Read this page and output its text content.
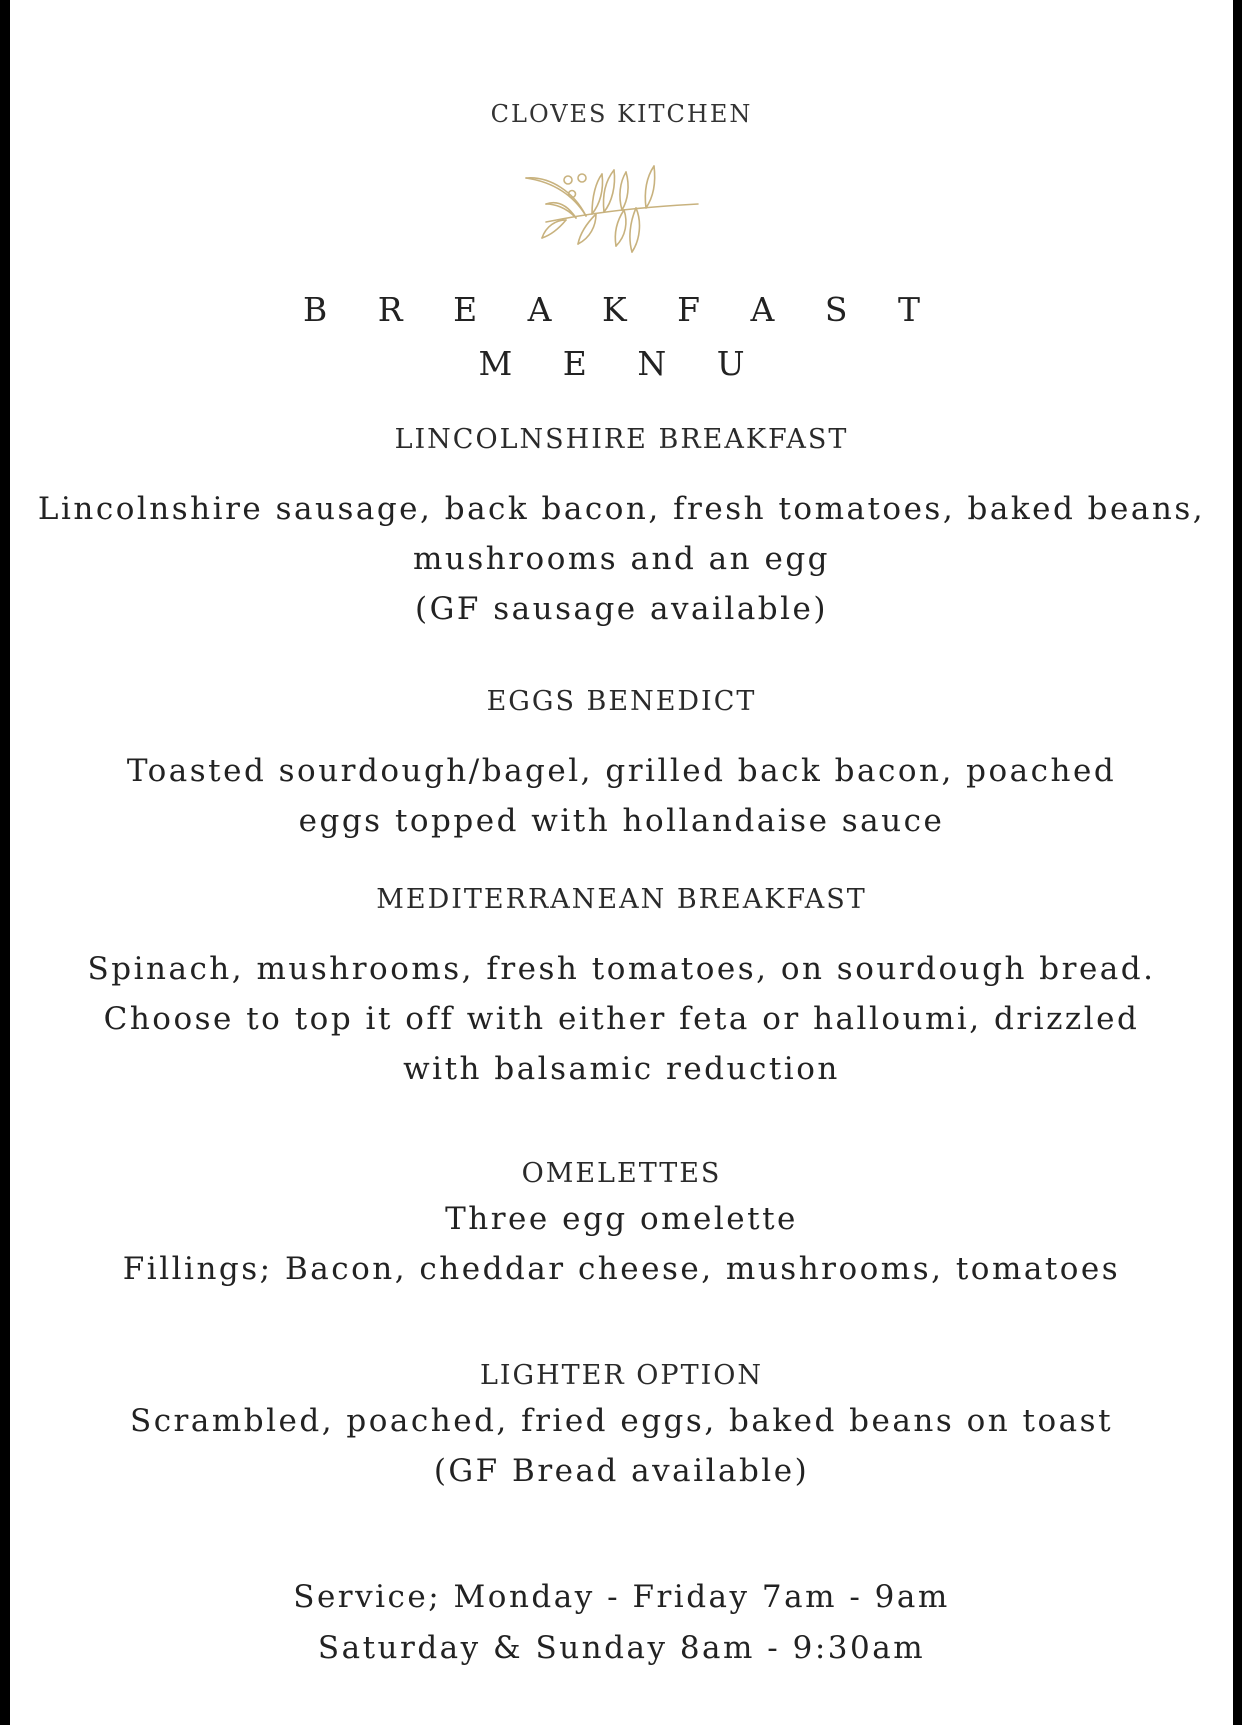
CLOVES KITCHEN
B R E A K F A S T
M E N U
LINCOLNSHIRE BREAKFAST
Lincolnshire sausage, back bacon, fresh tomatoes, baked beans,
mushrooms and an egg
(GF sausage available)
EGGS BENEDICT
Toasted sourdough/bagel, grilled back bacon, poached
eggs topped with hollandaise sauce
MEDITERRANEAN BREAKFAST
Spinach, mushrooms, fresh tomatoes, on sourdough bread.
Choose to top it off with either feta or halloumi, drizzled
with balsamic reduction
OMELETTES
Three egg omelette
Fillings; Bacon, cheddar cheese, mushrooms, tomatoes
LIGHTER OPTION
Scrambled, poached, fried eggs, baked beans on toast
(GF Bread available)
Service; Monday - Friday 7am - 9am
Saturday & Sunday 8am - 9:30am
